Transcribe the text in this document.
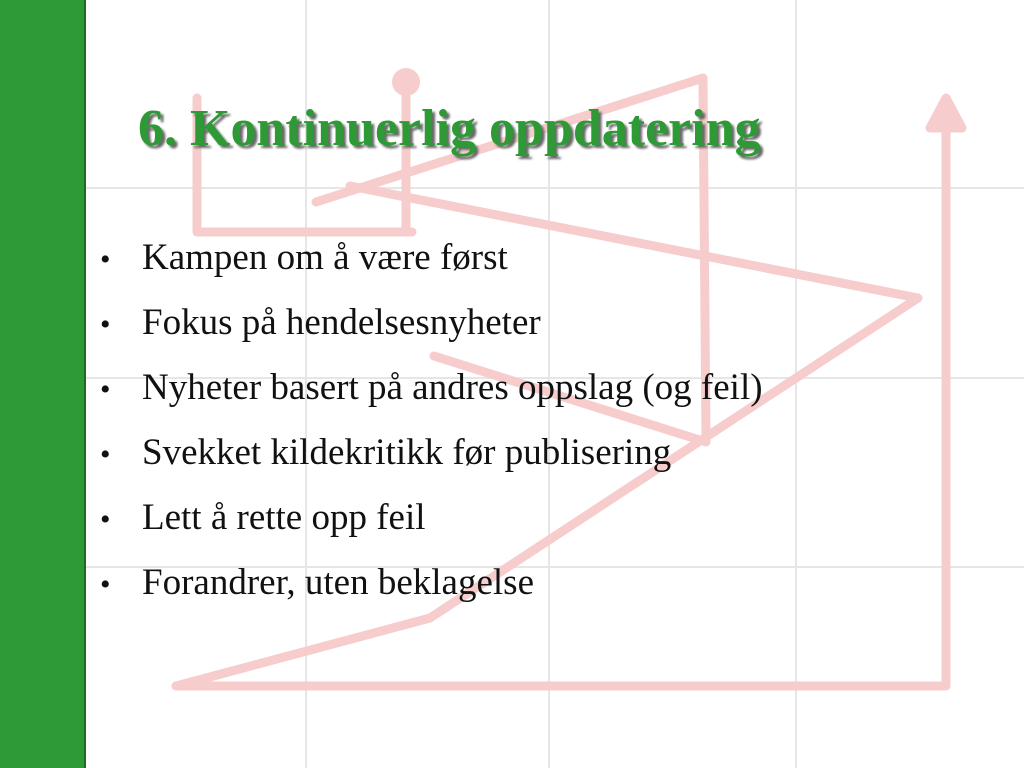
6. Kontinuerlig oppdatering
• Kampen om å være først
• Fokus på hendelsesnyheter
• Nyheter basert på andres oppslag (og feil)
• Svekket kildekritikk før publisering
• Lett å rette opp feil
• Forandrer, uten beklagelse
